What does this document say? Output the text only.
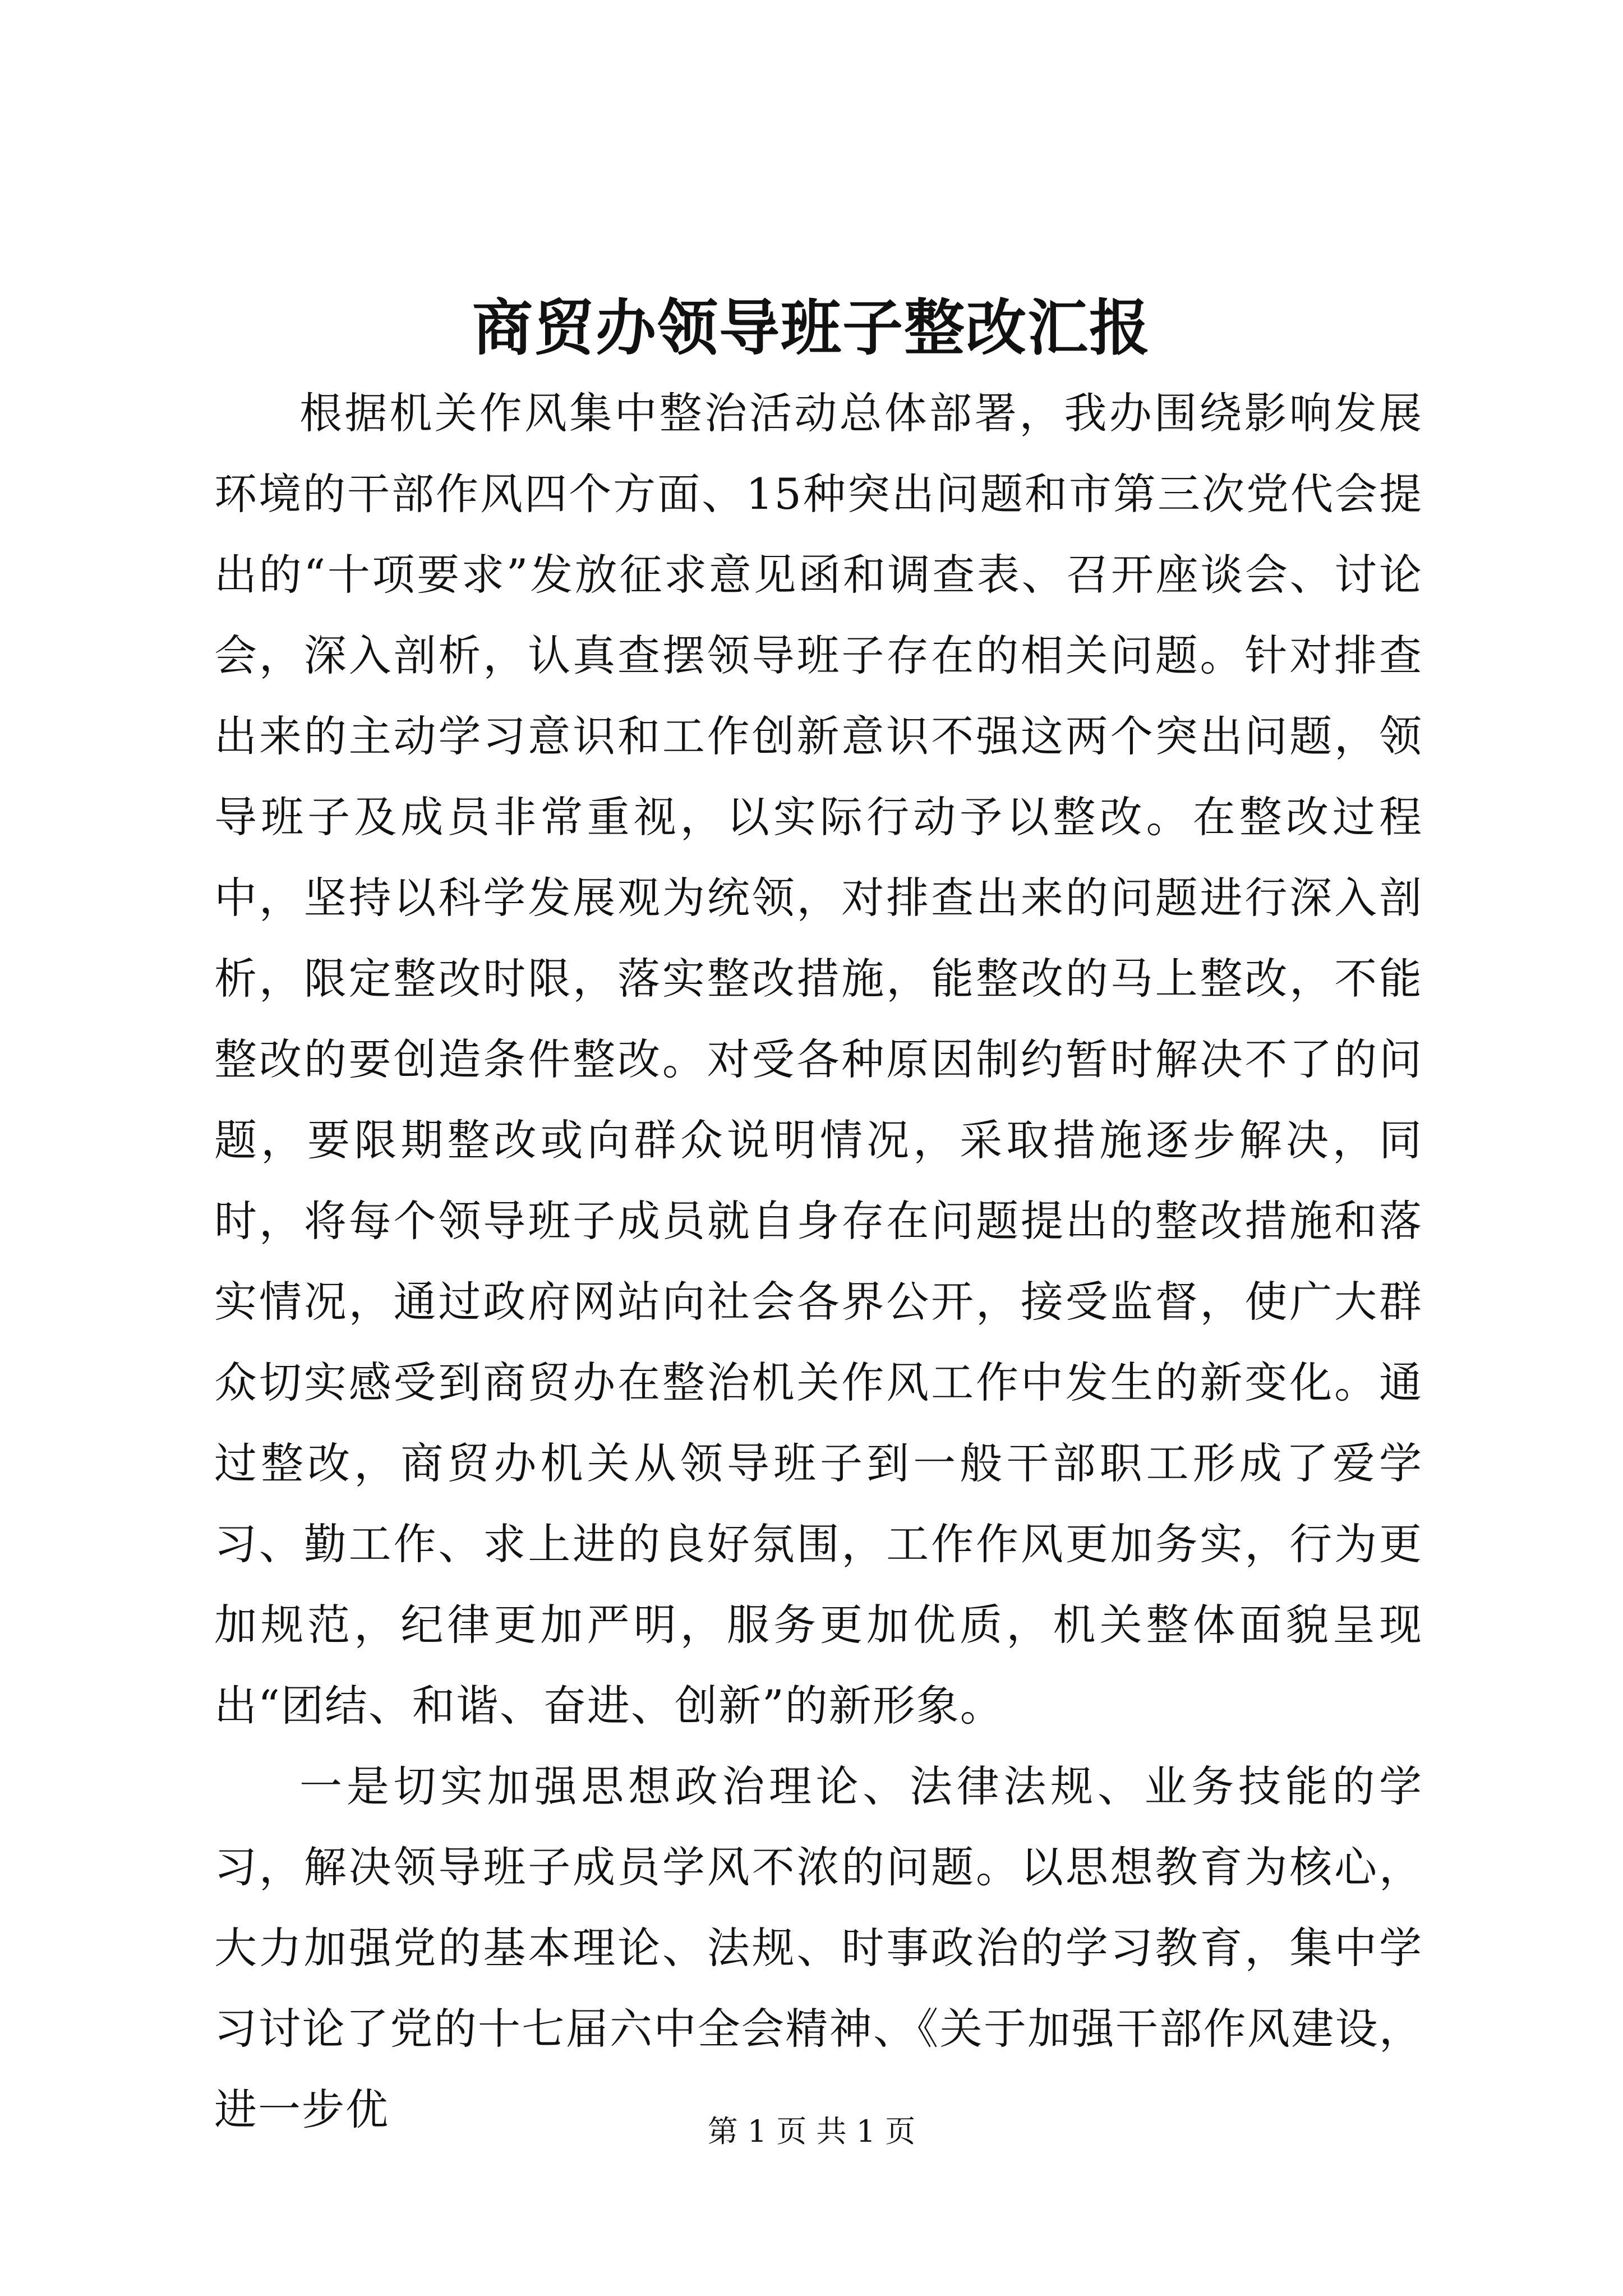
商贸办领导班子整改汇报

根据机关作风集中整治活动总体部署，我办围绕影响发展环境的干部作风四个方面、15种突出问题和市第三次党代会提出的“十项要求”发放征求意见函和调查表、召开座谈会、讨论会，深入剖析，认真查摆领导班子存在的相关问题。针对排查出来的主动学习意识和工作创新意识不强这两个突出问题，领导班子及成员非常重视，以实际行动予以整改。在整改过程中，坚持以科学发展观为统领，对排查出来的问题进行深入剖析，限定整改时限，落实整改措施，能整改的马上整改，不能整改的要创造条件整改。对受各种原因制约暂时解决不了的问题，要限期整改或向群众说明情况，采取措施逐步解决，同时，将每个领导班子成员就自身存在问题提出的整改措施和落实情况，通过政府网站向社会各界公开，接受监督，使广大群众切实感受到商贸办在整治机关作风工作中发生的新变化。通过整改，商贸办机关从领导班子到一般干部职工形成了爱学习、勤工作、求上进的良好氛围，工作作风更加务实，行为更加规范，纪律更加严明，服务更加优质，机关整体面貌呈现出“团结、和谐、奋进、创新”的新形象。

一是切实加强思想政治理论、法律法规、业务技能的学习，解决领导班子成员学风不浓的问题。以思想教育为核心，大力加强党的基本理论、法规、时事政治的学习教育，集中学习讨论了党的十七届六中全会精神、《关于加强干部作风建设，进一步优	第 1 页 共 1 页
